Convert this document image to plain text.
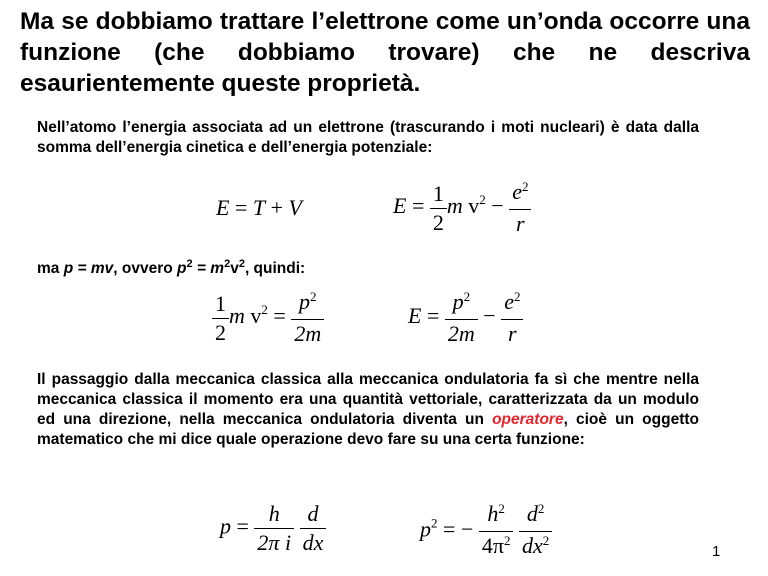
Ma se dobbiamo trattare l’elettrone come un’onda occorre una funzione (che dobbiamo trovare) che ne descriva esaurientemente queste proprietà.

Nell’atomo l’energia associata ad un elettrone (trascurando i moti nucleari) è data dalla somma dell’energia cinetica e dell’energia potenziale:

E = T + V	$E = \frac{1}{2}$ m $v^2 - \frac{e^2}{r}$

ma p = mv, ovvero $p^2 = m^2v^2$, quindi:

$\frac{1}{2}$ m $v^2 = \frac{p^2}{2m}$	$E = \frac{p^2}{2m} - \frac{e^2}{r}$

Il passaggio dalla meccanica classica alla meccanica ondulatoria fa sì che mentre nella meccanica classica il momento era una quantità vettoriale, caratterizzata da un modulo ed una direzione, nella meccanica ondulatoria diventa un operatore, cioè un oggetto matematico che mi dice quale operazione devo fare su una certa funzione:

$p = \frac{h}{\text{2π i}}$
$\frac{d}{dx}$	$p^2$ = − $\frac{h^2}{4\pi^2}$
$\frac{d^2}{dx^2}$	1
